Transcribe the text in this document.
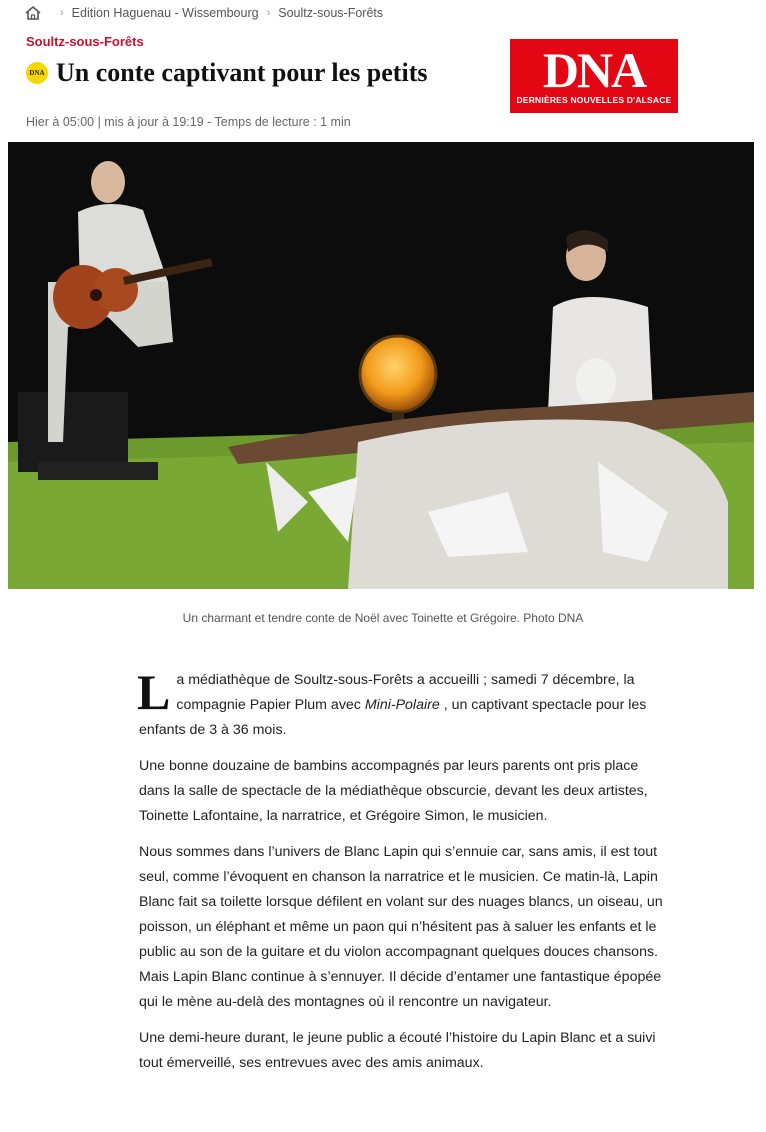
› Edition Haguenau - Wissembourg › Soultz-sous-Forêts
Soultz-sous-Forêts
DNA Un conte captivant pour les petits DNA
DERNIÈRES NOUVELLES D'ALSACE
Hier à 05:00 | mis à jour à 19:19 - Temps de lecture : 1 min
Un charmant et tendre conte de Noël avec Toinette et Grégoire. Photo DNA

La médiathèque de Soultz-sous-Forêts a accueilli ; samedi 7 décembre, la compagnie Papier Plum avec Mini-Polaire , un captivant spectacle pour les enfants de 3 à 36 mois.

Une bonne douzaine de bambins accompagnés par leurs parents ont pris place dans la salle de spectacle de la médiathèque obscurcie, devant les deux artistes, Toinette Lafontaine, la narratrice, et Grégoire Simon, le musicien.

Nous sommes dans l’univers de Blanc Lapin qui s’ennuie car, sans amis, il est tout seul, comme l’évoquent en chanson la narratrice et le musicien. Ce matin-là, Lapin Blanc fait sa toilette lorsque défilent en volant sur des nuages blancs, un oiseau, un poisson, un éléphant et même un paon qui n’hésitent pas à saluer les enfants et le public au son de la guitare et du violon accompagnant quelques douces chansons. Mais Lapin Blanc continue à s’ennuyer. Il décide d’entamer une fantastique épopée qui le mène au-delà des montagnes où il rencontre un navigateur.

Une demi-heure durant, le jeune public a écouté l’histoire du Lapin Blanc et a suivi tout émerveillé, ses entrevues avec des amis animaux.
